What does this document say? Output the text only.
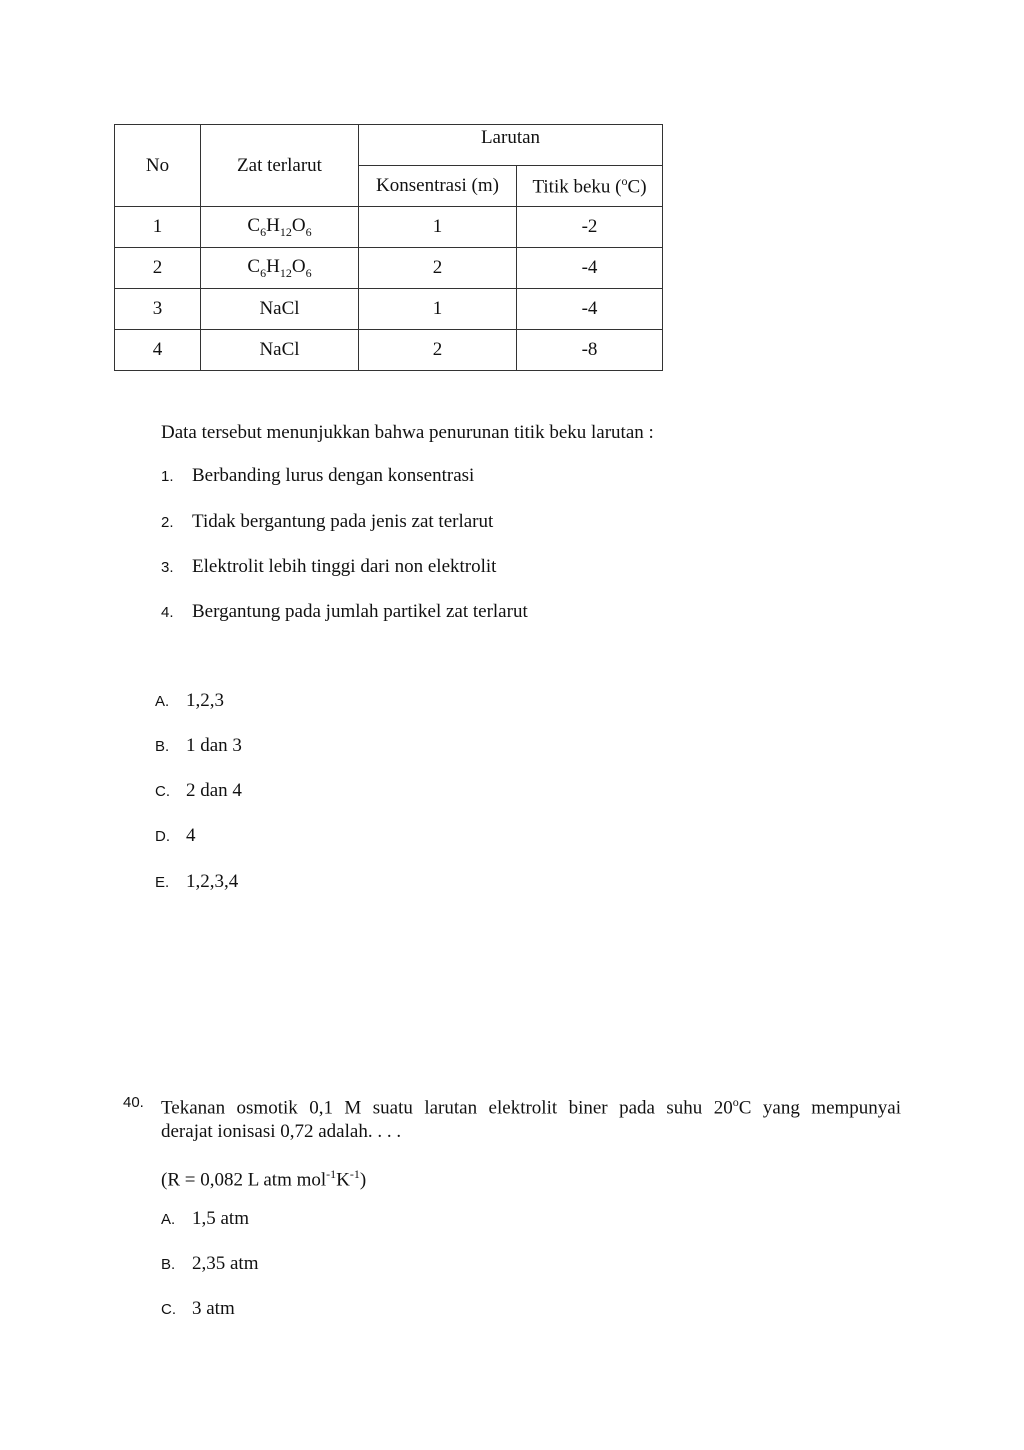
No	Zat terlarut	Larutan	
		Konsentrasi (m)	Titik beku ($^o$C)
1	$C_6H_{12}O_6$	1	-2
2	$C_6H_{12}O_6$	2	-4
3	NaCl	1	-4
4	NaCl	2	-8
Data tersebut menunjukkan bahwa penurunan titik beku larutan :
1. Berbanding lurus dengan konsentrasi
2. Tidak bergantung pada jenis zat terlarut
3. Elektrolit lebih tinggi dari non elektrolit
4. Bergantung pada jumlah partikel zat terlarut
A. 1,2,3
B. 1 dan 3
C. 2 dan 4
D. 4
E. 1,2,3,4
40. Tekanan osmotik 0,1 M suatu larutan elektrolit biner pada suhu 20$^o$C yang mempunyai
derajat ionisasi 0,72 adalah. . . .
(R = 0,082 L atm $mol^{-1}K^{-1}$)
A. 1,5 atm
B. 2,35 atm
C. 3 atm
